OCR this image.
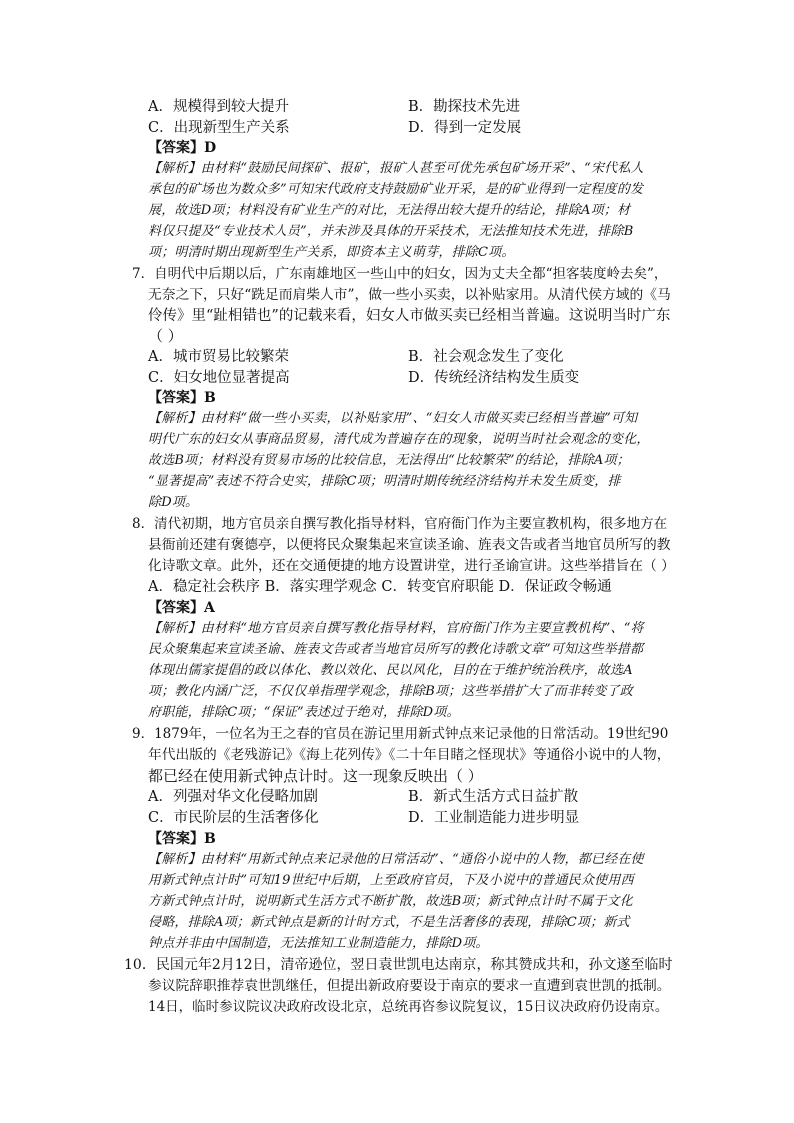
A．规模得到较大提升	B．勘探技术先进
C．出现新型生产关系	D．得到一定发展
【答案】D
【解析】由材料“鼓励民间探矿、报矿，报矿人甚至可优先承包矿场开采”、“宋代私人
承包的矿场也为数众多”可知宋代政府支持鼓励矿业开采，是的矿业得到一定程度的发
展，故选D项；材料没有矿业生产的对比，无法得出较大提升的结论，排除A项；材
料仅只提及“专业技术人员”，并未涉及具体的开采技术，无法推知技术先进，排除B
项；明清时期出现新型生产关系，即资本主义萌芽，排除C项。
7．自明代中后期以后，广东南雄地区一些山中的妇女，因为丈夫全都“担客装度岭去矣”，
无奈之下，只好“跣足而肩柴人市”，做一些小买卖，以补贴家用。从清代侯方域的《马
伶传》里“趾相错也”的记载来看，妇女人市做买卖已经相当普遍。这说明当时广东
（ ）
A．城市贸易比较繁荣	B．社会观念发生了变化
C．妇女地位显著提高	D．传统经济结构发生质变
【答案】B
【解析】由材料“做一些小买卖，以补贴家用”、“妇女人市做买卖已经相当普遍”可知
明代广东的妇女从事商品贸易，清代成为普遍存在的现象，说明当时社会观念的变化，
故选B项；材料没有贸易市场的比较信息，无法得出“比较繁荣”的结论，排除A项；
“显著提高”表述不符合史实，排除C项；明清时期传统经济结构并未发生质变，排
除D项。
8．清代初期，地方官员亲自撰写教化指导材料，官府衙门作为主要宣教机构，很多地方在
县衙前还建有褒德亭，以便将民众聚集起来宣读圣谕、旌表文告或者当地官员所写的教
化诗歌文章。此外，还在交通便捷的地方设置讲堂，进行圣谕宣讲。这些举措旨在（ ）
A．稳定社会秩序 B．落实理学观念 C．转变官府职能 D．保证政令畅通
【答案】A
【解析】由材料“地方官员亲自撰写教化指导材料，官府衙门作为主要宣教机构”、“将
民众聚集起来宣读圣谕、旌表文告或者当地官员所写的教化诗歌文章”可知这些举措都
体现出儒家提倡的政以体化、教以效化、民以风化，目的在于维护统治秩序，故选A
项；教化内涵广泛，不仅仅单指理学观念，排除B项；这些举措扩大了而非转变了政
府职能，排除C项；“保证”表述过于绝对，排除D项。
9．1879年，一位名为王之春的官员在游记里用新式钟点来记录他的日常活动。19世纪90
年代出版的《老残游记》《海上花列传》《二十年目睹之怪现状》等通俗小说中的人物，
都已经在使用新式钟点计时。这一现象反映出（ ）
A．列强对华文化侵略加剧	B．新式生活方式日益扩散
C．市民阶层的生活奢侈化	D．工业制造能力进步明显
【答案】B
【解析】由材料“用新式钟点来记录他的日常活动”、“通俗小说中的人物，都已经在使
用新式钟点计时”可知19世纪中后期，上至政府官员，下及小说中的普通民众使用西
方新式钟点计时，说明新式生活方式不断扩散，故选B项；新式钟点计时不属于文化
侵略，排除A项；新式钟点是新的计时方式，不是生活奢侈的表现，排除C项；新式
钟点并非由中国制造，无法推知工业制造能力，排除D项。
10．民国元年2月12日，清帝逊位，翌日袁世凯电达南京，称其赞成共和，孙文遂至临时
参议院辞职推荐袁世凯继任，但提出新政府要设于南京的要求一直遭到袁世凯的抵制。
14日，临时参议院议决政府改设北京，总统再咨参议院复议，15日议决政府仍设南京。
